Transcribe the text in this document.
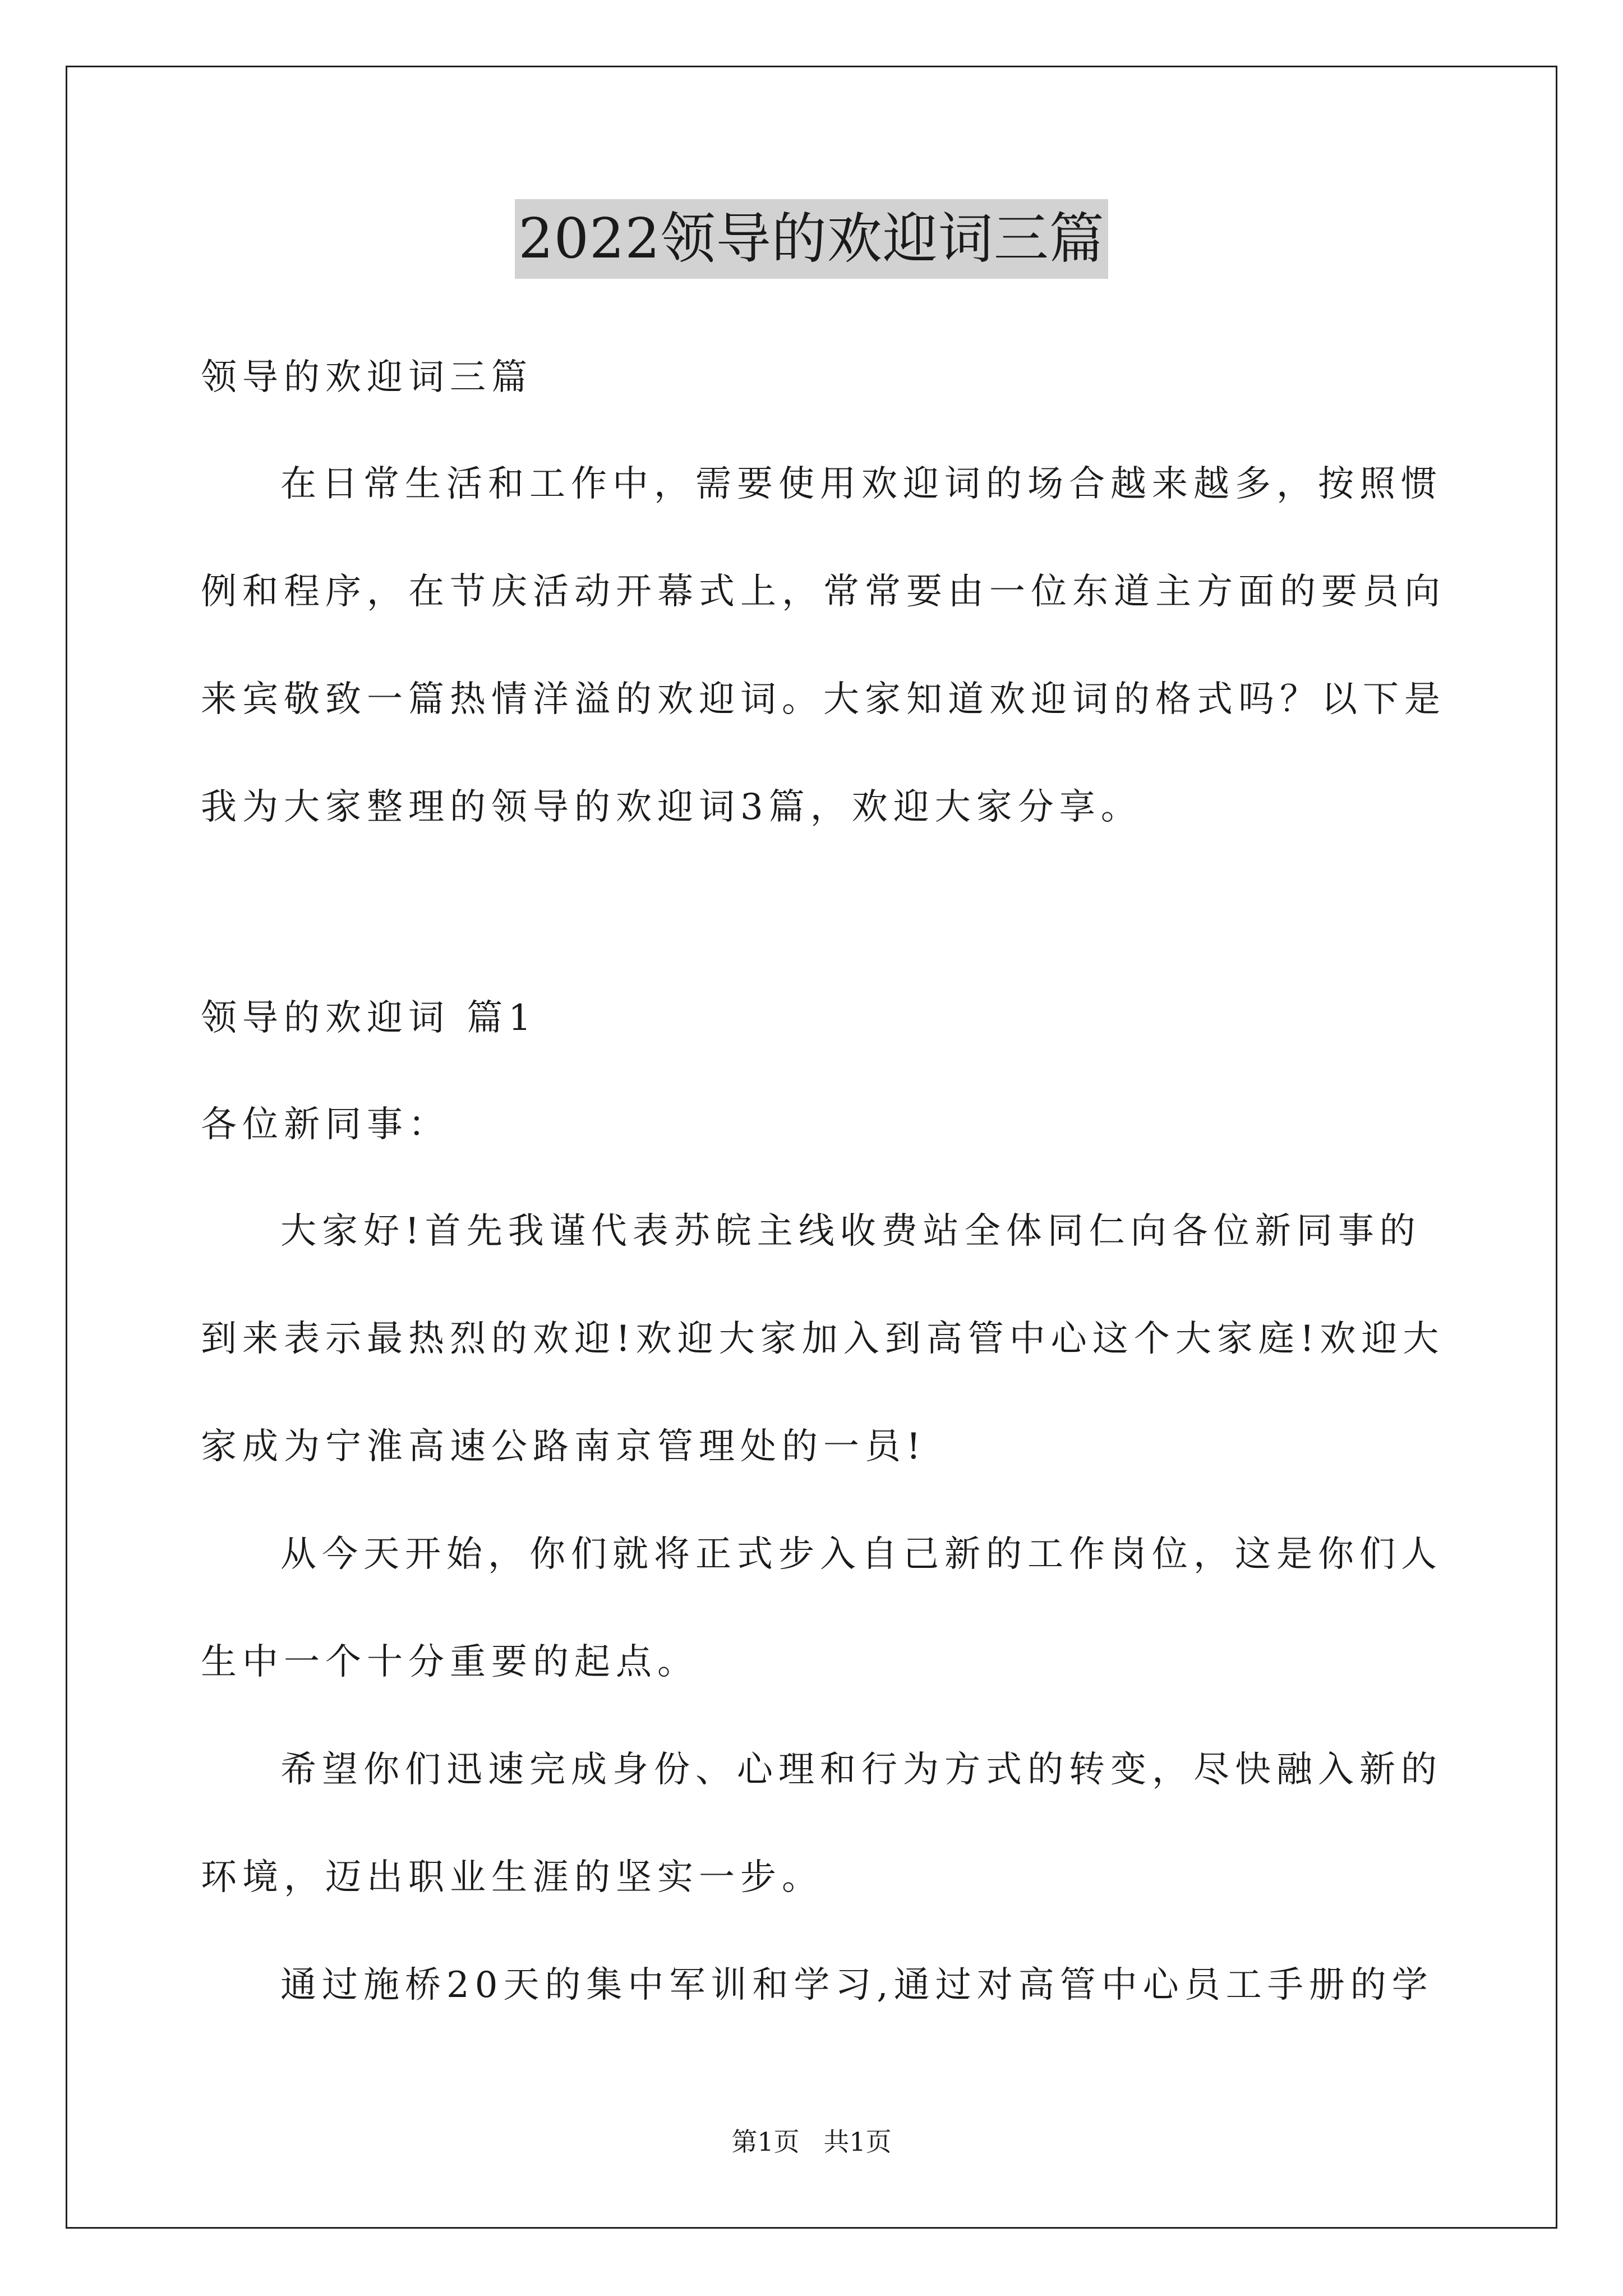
2022领导的欢迎词三篇
领导的欢迎词三篇
在日常生活和工作中，需要使用欢迎词的场合越来越多，按照惯
例和程序，在节庆活动开幕式上，常常要由一位东道主方面的要员向
来宾敬致一篇热情洋溢的欢迎词。大家知道欢迎词的格式吗？以下是
我为大家整理的领导的欢迎词3篇，欢迎大家分享。
领导的欢迎词 篇1
各位新同事：
大家好!首先我谨代表苏皖主线收费站全体同仁向各位新同事的
到来表示最热烈的欢迎!欢迎大家加入到高管中心这个大家庭!欢迎大
家成为宁淮高速公路南京管理处的一员!
从今天开始，你们就将正式步入自己新的工作岗位，这是你们人
生中一个十分重要的起点。
希望你们迅速完成身份、心理和行为方式的转变，尽快融入新的
环境，迈出职业生涯的坚实一步。
通过施桥20天的集中军训和学习,通过对高管中心员工手册的学
第1页 共1页
